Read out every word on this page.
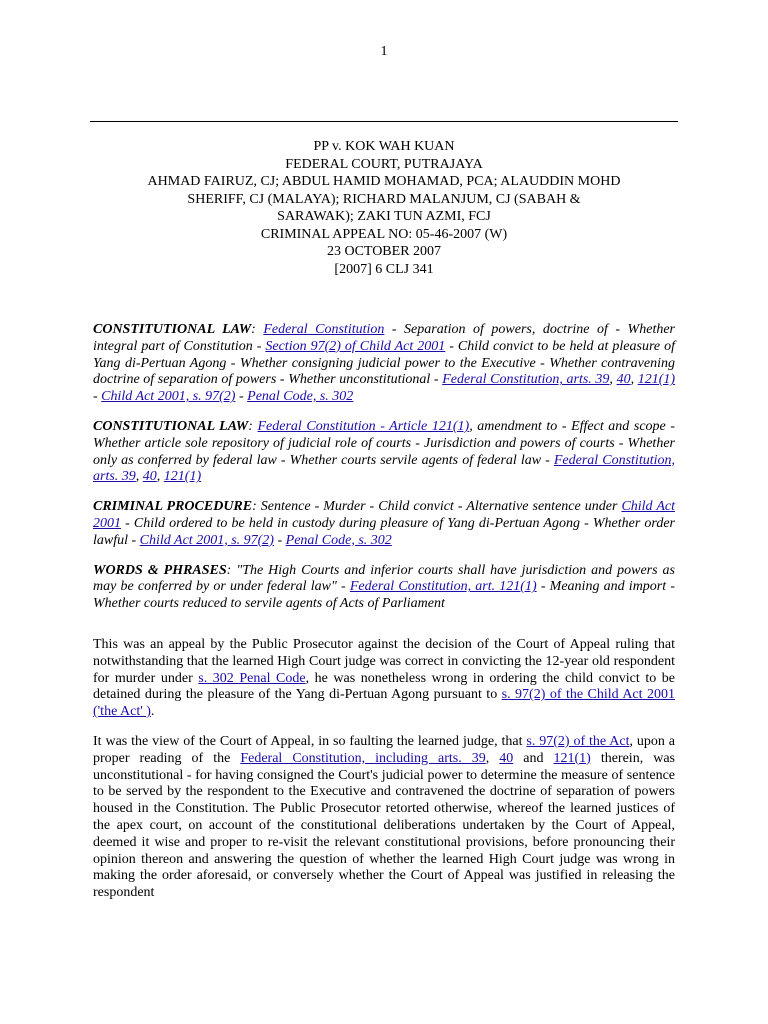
1
PP v. KOK WAH KUAN
FEDERAL COURT, PUTRAJAYA
AHMAD FAIRUZ, CJ; ABDUL HAMID MOHAMAD, PCA; ALAUDDIN MOHD
SHERIFF, CJ (MALAYA); RICHARD MALANJUM, CJ (SABAH &
SARAWAK); ZAKI TUN AZMI, FCJ
CRIMINAL APPEAL NO: 05-46-2007 (W)
23 OCTOBER 2007
[2007] 6 CLJ 341

CONSTITUTIONAL LAW: Federal Constitution - Separation of powers, doctrine of - Whether integral part of Constitution - Section 97(2) of Child Act 2001 - Child convict to be held at pleasure of Yang di-Pertuan Agong - Whether consigning judicial power to the Executive - Whether contravening doctrine of separation of powers - Whether unconstitutional - Federal Constitution, arts. 39, 40, 121(1) - Child Act 2001, s. 97(2) - Penal Code, s. 302

CONSTITUTIONAL LAW: Federal Constitution - Article 121(1), amendment to - Effect and scope - Whether article sole repository of judicial role of courts - Jurisdiction and powers of courts - Whether only as conferred by federal law - Whether courts servile agents of federal law - Federal Constitution, arts. 39, 40, 121(1)

CRIMINAL PROCEDURE: Sentence - Murder - Child convict - Alternative sentence under Child Act 2001 - Child ordered to be held in custody during pleasure of Yang di-Pertuan Agong - Whether order lawful - Child Act 2001, s. 97(2) - Penal Code, s. 302

WORDS & PHRASES: "The High Courts and inferior courts shall have jurisdiction and powers as may be conferred by or under federal law" - Federal Constitution, art. 121(1) - Meaning and import - Whether courts reduced to servile agents of Acts of Parliament

This was an appeal by the Public Prosecutor against the decision of the Court of Appeal ruling that notwithstanding that the learned High Court judge was correct in convicting the 12-year old respondent for murder under s. 302 Penal Code, he was nonetheless wrong in ordering the child convict to be detained during the pleasure of the Yang di-Pertuan Agong pursuant to s. 97(2) of the Child Act 2001 ('the Act' ).

It was the view of the Court of Appeal, in so faulting the learned judge, that s. 97(2) of the Act, upon a proper reading of the Federal Constitution, including arts. 39, 40 and 121(1) therein, was unconstitutional - for having consigned the Court's judicial power to determine the measure of sentence to be served by the respondent to the Executive and contravened the doctrine of separation of powers housed in the Constitution. The Public Prosecutor retorted otherwise, whereof the learned justices of the apex court, on account of the constitutional deliberations undertaken by the Court of Appeal, deemed it wise and proper to re-visit the relevant constitutional provisions, before pronouncing their opinion thereon and answering the question of whether the learned High Court judge was wrong in making the order aforesaid, or conversely whether the Court of Appeal was justified in releasing the respondent
